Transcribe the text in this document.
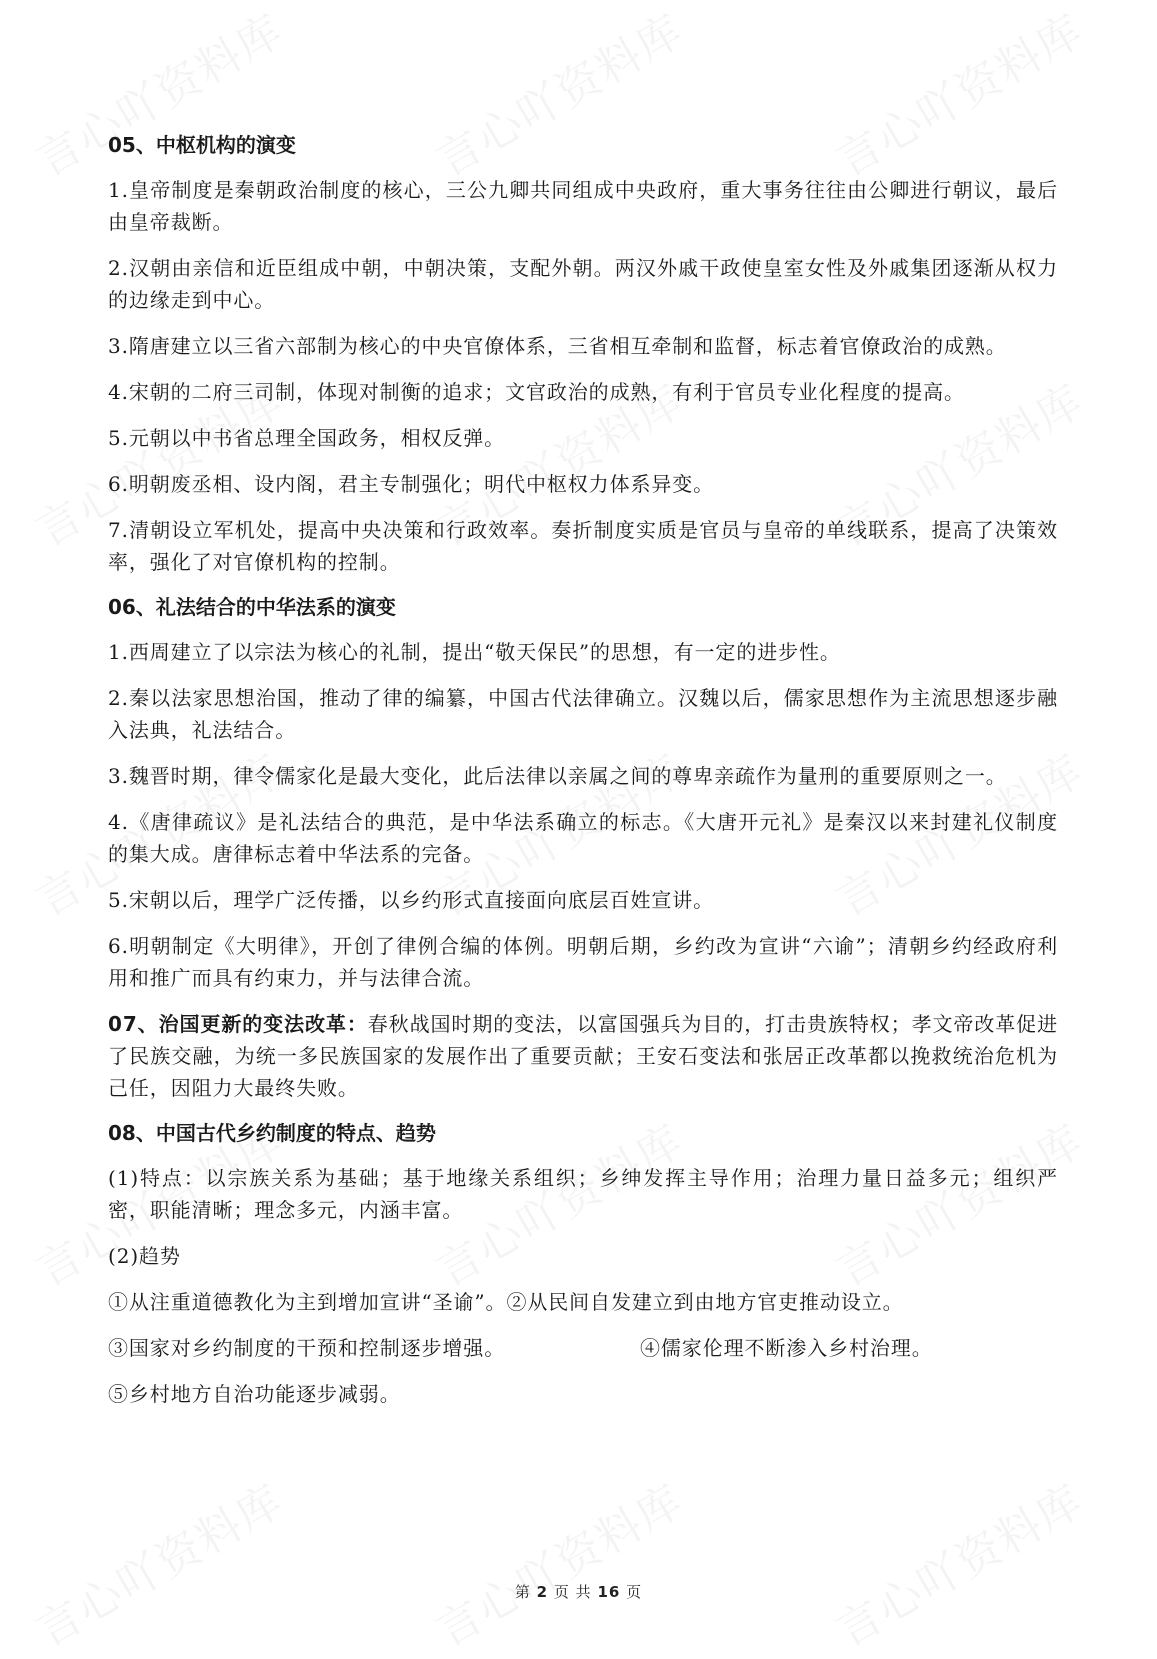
05、中枢机构的演变

1.皇帝制度是秦朝政治制度的核心，三公九卿共同组成中央政府，重大事务往往由公卿进行朝议，最后由皇帝裁断。

2.汉朝由亲信和近臣组成中朝，中朝决策，支配外朝。两汉外戚干政使皇室女性及外戚集团逐渐从权力的边缘走到中心。

3.隋唐建立以三省六部制为核心的中央官僚体系，三省相互牵制和监督，标志着官僚政治的成熟。

4.宋朝的二府三司制，体现对制衡的追求；文官政治的成熟，有利于官员专业化程度的提高。

5.元朝以中书省总理全国政务，相权反弹。

6.明朝废丞相、设内阁，君主专制强化；明代中枢权力体系异变。

7.清朝设立军机处，提高中央决策和行政效率。奏折制度实质是官员与皇帝的单线联系，提高了决策效率，强化了对官僚机构的控制。

06、礼法结合的中华法系的演变

1.西周建立了以宗法为核心的礼制，提出“敬天保民”的思想，有一定的进步性。

2.秦以法家思想治国，推动了律的编纂，中国古代法律确立。汉魏以后，儒家思想作为主流思想逐步融入法典，礼法结合。

3.魏晋时期，律令儒家化是最大变化，此后法律以亲属之间的尊卑亲疏作为量刑的重要原则之一。

4.《唐律疏议》是礼法结合的典范，是中华法系确立的标志。《大唐开元礼》是秦汉以来封建礼仪制度的集大成。唐律标志着中华法系的完备。

5.宋朝以后，理学广泛传播，以乡约形式直接面向底层百姓宣讲。

6.明朝制定《大明律》，开创了律例合编的体例。明朝后期，乡约改为宣讲“六谕”；清朝乡约经政府利用和推广而具有约束力，并与法律合流。

07、治国更新的变法改革：春秋战国时期的变法，以富国强兵为目的，打击贵族特权；孝文帝改革促进了民族交融，为统一多民族国家的发展作出了重要贡献；王安石变法和张居正改革都以挽救统治危机为己任，因阻力大最终失败。

08、中国古代乡约制度的特点、趋势

(1)特点：以宗族关系为基础；基于地缘关系组织；乡绅发挥主导作用；治理力量日益多元；组织严密，职能清晰；理念多元，内涵丰富。

(2)趋势

①从注重道德教化为主到增加宣讲“圣谕”。②从民间自发建立到由地方官吏推动设立。

③国家对乡约制度的干预和控制逐步增强。	④儒家伦理不断渗入乡村治理。

⑤乡村地方自治功能逐步减弱。

第 2 页 共 16 页
